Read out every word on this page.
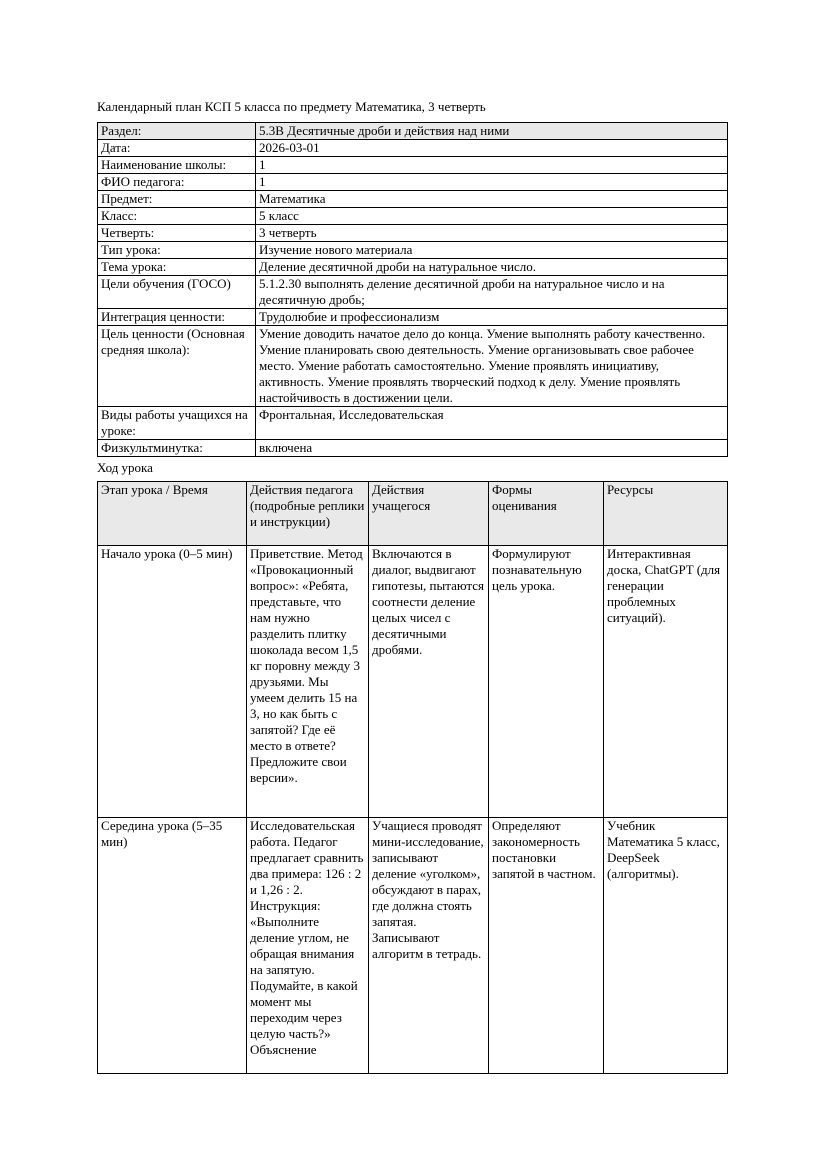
Календарный план КСП 5 класса по предмету Математика, 3 четверть

Раздел:	5.3В Десятичные дроби и действия над ними
Дата:	2026-03-01
Наименование школы:	1
ФИО педагога:	1
Предмет:	Математика
Класс:	5 класс
Четверть:	3 четверть
Тип урока:	Изучение нового материала
Тема урока:	Деление десятичной дроби на натуральное число.
Цели обучения (ГОСО)	5.1.2.30 выполнять деление десятичной дроби на натуральное число и на десятичную дробь;
Интеграция ценности:	Трудолюбие и профессионализм
Цель ценности (Основная средняя школа):	Умение доводить начатое дело до конца. Умение выполнять работу качественно. Умение планировать свою деятельность. Умение организовывать свое рабочее место. Умение работать самостоятельно. Умение проявлять инициативу, активность. Умение проявлять творческий подход к делу. Умение проявлять настойчивость в достижении цели.
Виды работы учащихся на уроке:	Фронтальная, Исследовательская
Физкультминутка:	включена

Ход урока

Этап урока / Время	Действия педагога (подробные реплики и инструкции)	Действия учащегося	Формы оценивания	Ресурсы
Начало урока (0–5 мин)	Приветствие. Метод «Провокационный вопрос»: «Ребята, представьте, что нам нужно разделить плитку шоколада весом 1,5 кг поровну между 3 друзьями. Мы умеем делить 15 на 3, но как быть с запятой? Где её место в ответе? Предложите свои версии».	Включаются в диалог, выдвигают гипотезы, пытаются соотнести деление целых чисел с десятичными дробями.	Формулируют познавательную цель урока.	Интерактивная доска, ChatGPT (для генерации проблемных ситуаций).
Середина урока (5–35 мин)	Исследовательская работа. Педагог предлагает сравнить два примера: 126 : 2 и 1,26 : 2. Инструкция: «Выполните деление углом, не обращая внимания на запятую. Подумайте, в какой момент мы переходим через целую часть?» Объяснение	Учащиеся проводят мини-исследование, записывают деление «уголком», обсуждают в парах, где должна стоять запятая. Записывают алгоритм в тетрадь.	Определяют закономерность постановки запятой в частном.	Учебник Математика 5 класс, DeepSeek (алгоритмы).
